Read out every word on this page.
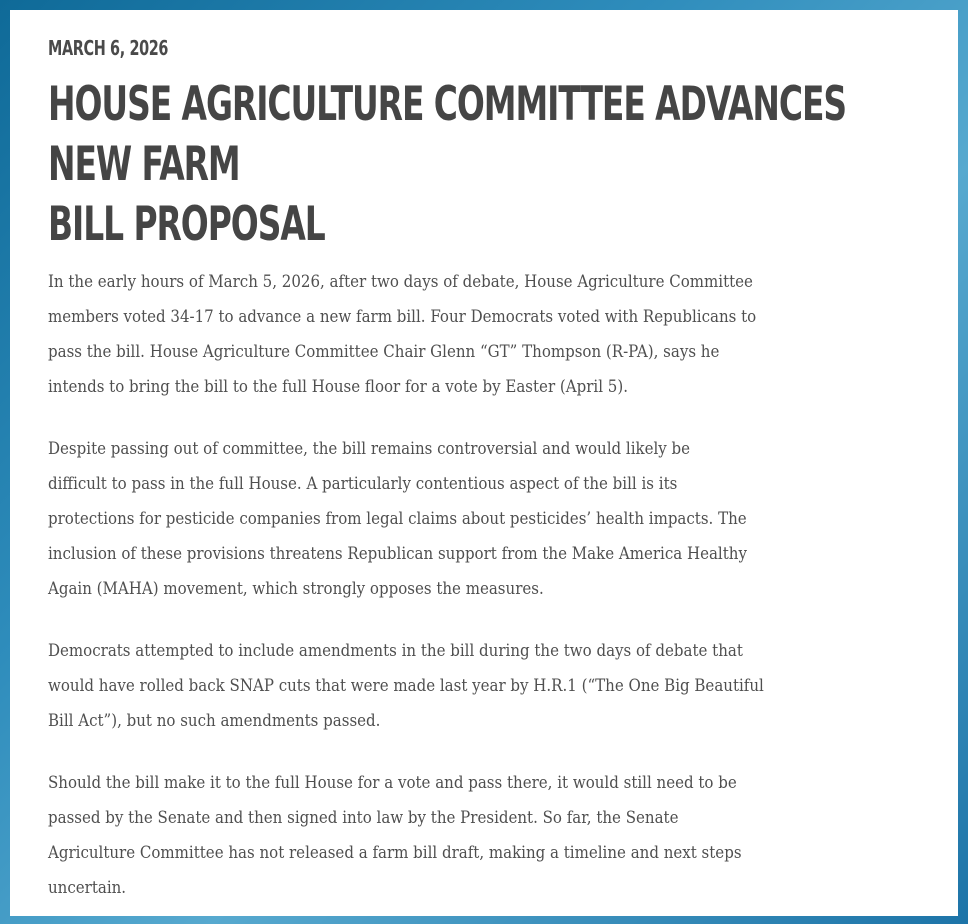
MARCH 6, 2026
HOUSE AGRICULTURE COMMITTEE ADVANCES NEW FARM
BILL PROPOSAL

In the early hours of March 5, 2026, after two days of debate, House Agriculture Committee
members voted 34-17 to advance a new farm bill. Four Democrats voted with Republicans to
pass the bill. House Agriculture Committee Chair Glenn “GT” Thompson (R-PA), says he
intends to bring the bill to the full House floor for a vote by Easter (April 5).

Despite passing out of committee, the bill remains controversial and would likely be
difficult to pass in the full House. A particularly contentious aspect of the bill is its
protections for pesticide companies from legal claims about pesticides’ health impacts. The
inclusion of these provisions threatens Republican support from the Make America Healthy
Again (MAHA) movement, which strongly opposes the measures.

Democrats attempted to include amendments in the bill during the two days of debate that
would have rolled back SNAP cuts that were made last year by H.R.1 (“The One Big Beautiful
Bill Act”), but no such amendments passed.

Should the bill make it to the full House for a vote and pass there, it would still need to be
passed by the Senate and then signed into law by the President. So far, the Senate
Agriculture Committee has not released a farm bill draft, making a timeline and next steps
uncertain.
